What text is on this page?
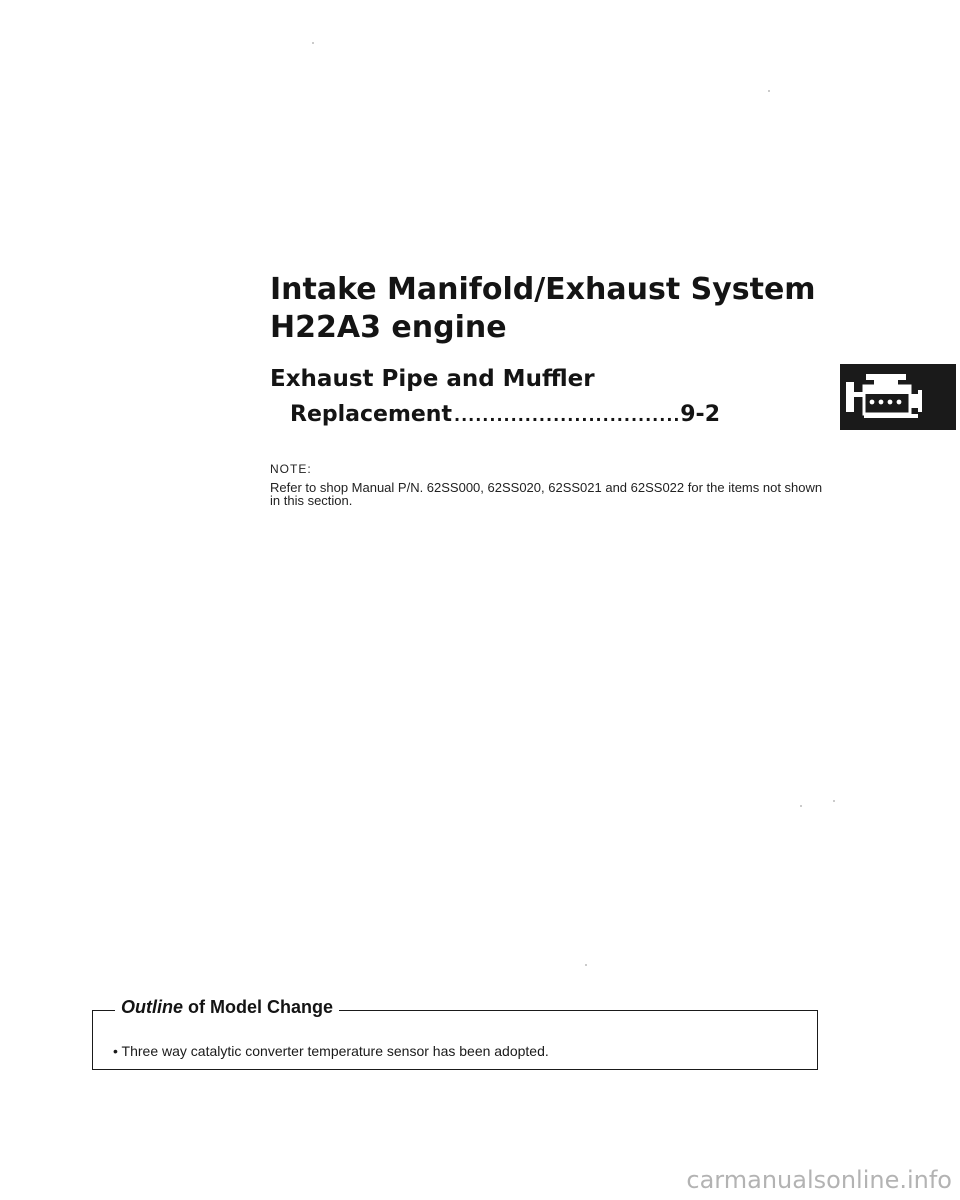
Intake Manifold/Exhaust System
H22A3 engine
Exhaust Pipe and Muffler
Replacement
.....	9-2

NOTE:

Refer to shop Manual P/N. 62SS000, 62SS020, 62SS021 and 62SS022 for the items not shown in this section.

Outline of Model Change
• Three way catalytic converter temperature sensor has been adopted.
carmanualsonline.info
